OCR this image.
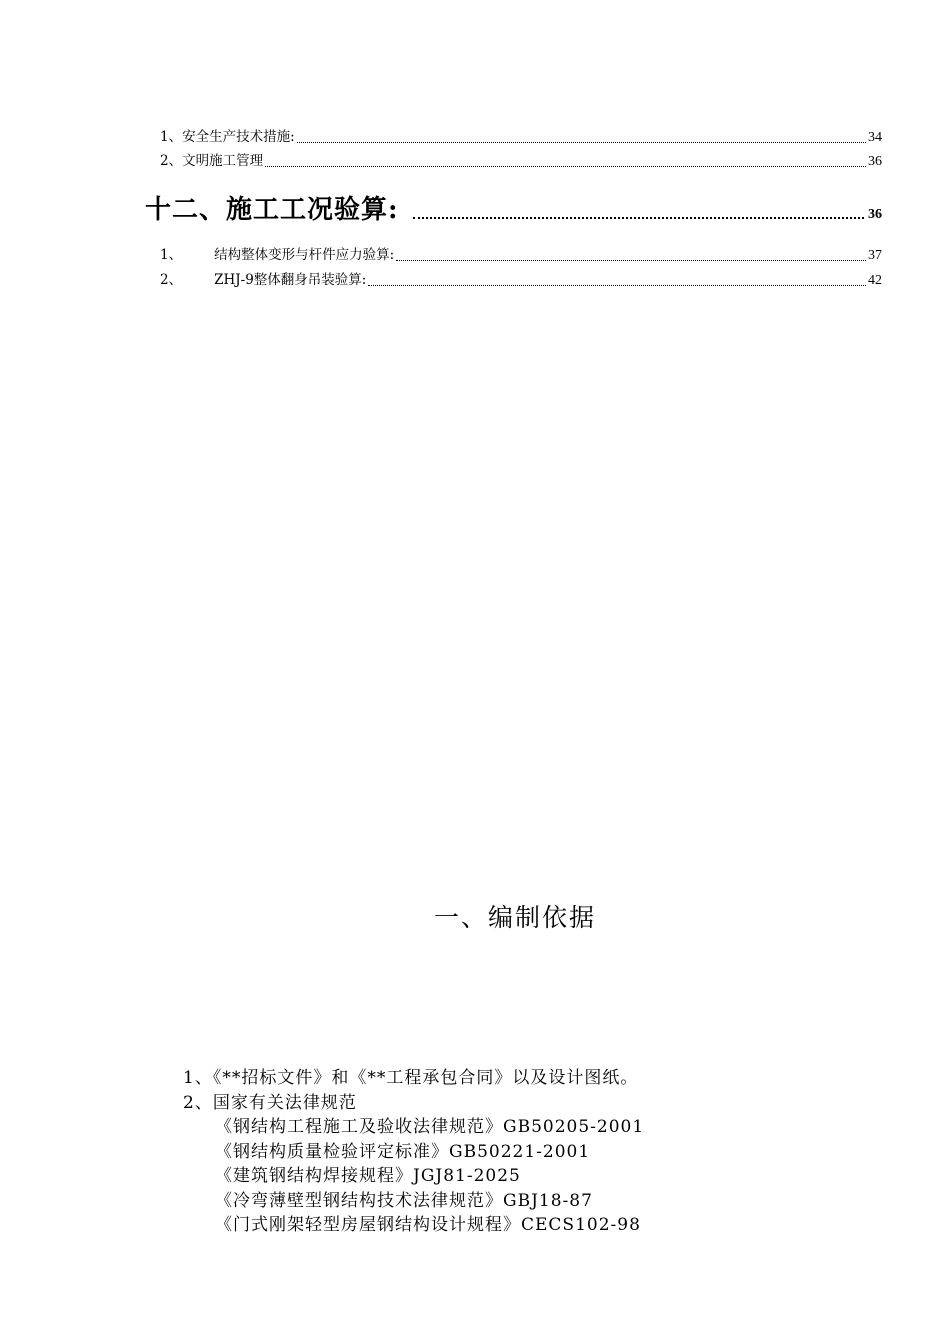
1、 安全生产技术措施:	34
2、 文明施工管理	36
十二、施工工况验算:	36
1、 结构整体变形与杆件应力验算:	37
2、 ZHJ-9整体翻身吊装验算:	42
一、编制依据
1、《**招标文件》和《**工程承包合同》以及设计图纸。
2、国家有关法律规范
《钢结构工程施工及验收法律规范》GB50205-2001
《钢结构质量检验评定标准》GB50221-2001
《建筑钢结构焊接规程》JGJ81-2025
《冷弯薄壁型钢结构技术法律规范》GBJ18-87
《门式刚架轻型房屋钢结构设计规程》CECS102-98
